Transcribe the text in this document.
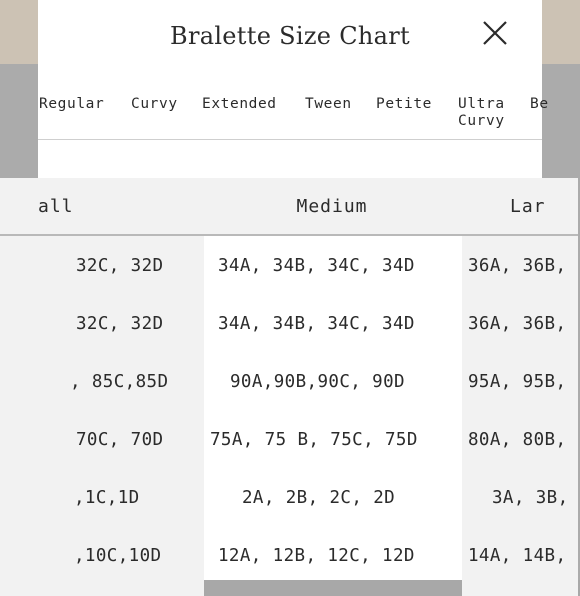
Bralette Size Chart
Regular Curvy Extended Tween Petite Ultra
Curvy
Be
all	Medium	Lar
32C, 32D	34A, 34B, 34C, 34D	36A, 36B,
32C, 32D	34A, 34B, 34C, 34D	36A, 36B,
, 85C,85D	90A,90B,90C, 90D	95A, 95B,
70C, 70D	75A, 75 B, 75C, 75D	80A, 80B,
,1C,1D	2A, 2B, 2C, 2D	3A, 3B,
,10C,10D	12A, 12B, 12C, 12D	14A, 14B,
